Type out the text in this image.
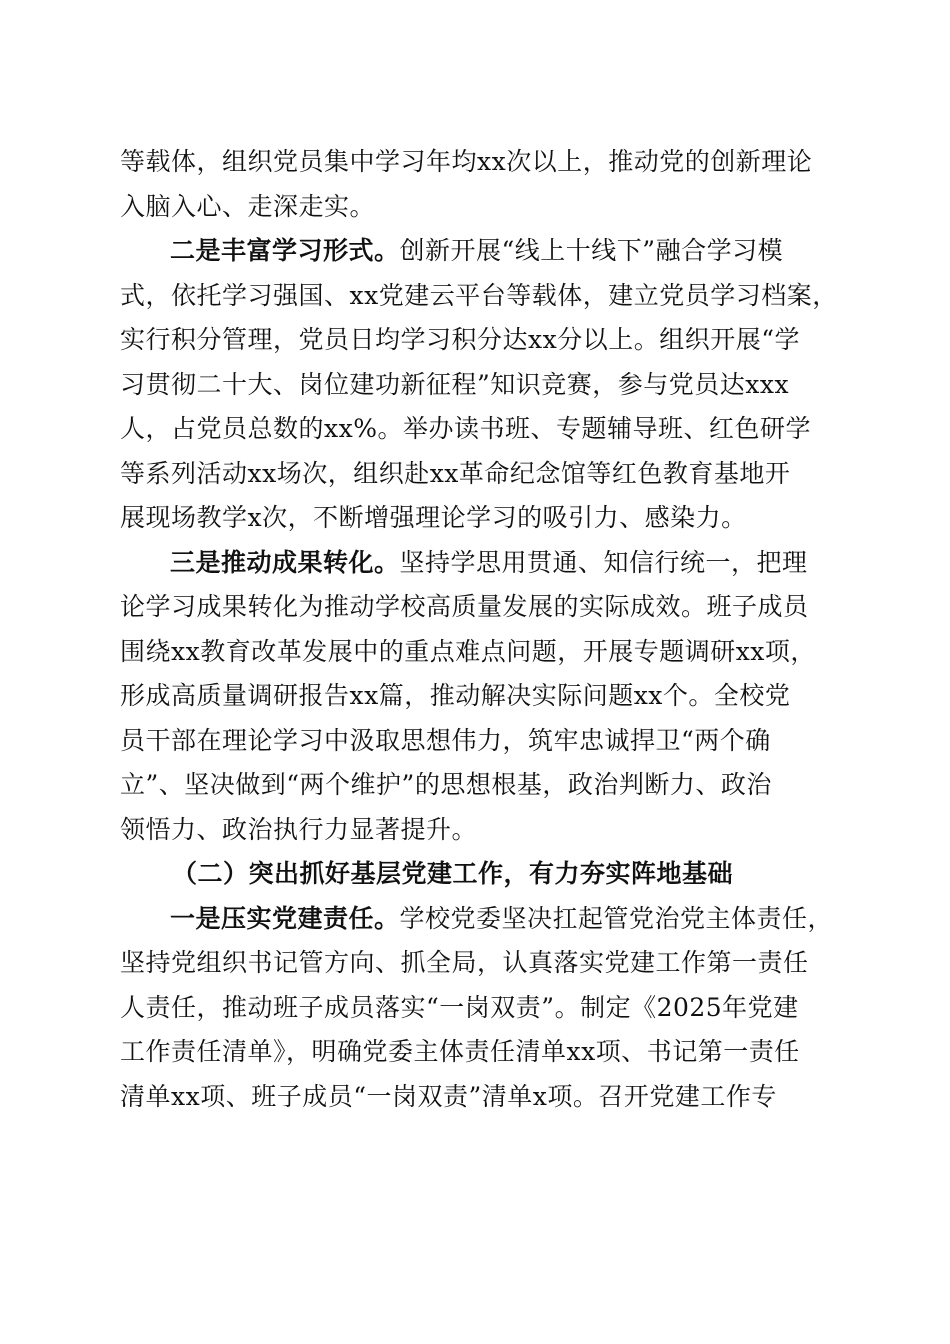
等载体，组织党员集中学习年均xx次以上，推动党的创新理论
入脑入心、走深走实。
二是丰富学习形式。创新开展“线上十线下”融合学习模
式，依托学习强国、xx党建云平台等载体，建立党员学习档案，
实行积分管理，党员日均学习积分达xx分以上。组织开展“学
习贯彻二十大、岗位建功新征程”知识竞赛，参与党员达xxx
人，占党员总数的xx%。举办读书班、专题辅导班、红色研学
等系列活动xx场次，组织赴xx革命纪念馆等红色教育基地开
展现场教学x次，不断增强理论学习的吸引力、感染力。
三是推动成果转化。坚持学思用贯通、知信行统一，把理
论学习成果转化为推动学校高质量发展的实际成效。班子成员
围绕xx教育改革发展中的重点难点问题，开展专题调研xx项，
形成高质量调研报告xx篇，推动解决实际问题xx个。全校党
员干部在理论学习中汲取思想伟力，筑牢忠诚捍卫“两个确
立”、坚决做到“两个维护”的思想根基，政治判断力、政治
领悟力、政治执行力显著提升。
（二）突出抓好基层党建工作，有力夯实阵地基础
一是压实党建责任。学校党委坚决扛起管党治党主体责任，
坚持党组织书记管方向、抓全局，认真落实党建工作第一责任
人责任，推动班子成员落实“一岗双责”。制定《2025年党建
工作责任清单》，明确党委主体责任清单xx项、书记第一责任
清单xx项、班子成员“一岗双责”清单x项。召开党建工作专
